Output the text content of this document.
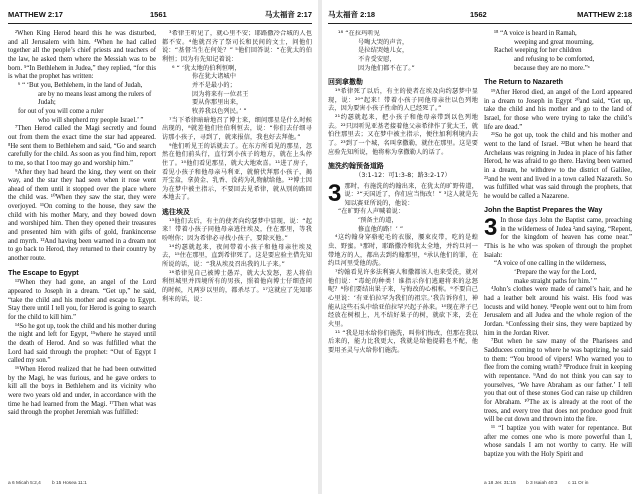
MATTHEW 2:17	1561	马太福音 2:17

²When King Herod heard this he was disturbed, and all Jerusalem with him. ⁴When he had called together all the people’s chief priests and teachers of the law, he asked them where the Messiah was to be born. ⁵“In Bethlehem in Judea,” they replied, “for this is what the prophet has written:

⁶ “ ‘But you, Bethlehem, in the land of Judah,
are by no means least among the rulers of Judah;
for out of you will come a ruler
who will shepherd my people Israel.’ ”

⁷Then Herod called the Magi secretly and found out from them the exact time the star had appeared. ⁸He sent them to Bethlehem and said, “Go and search carefully for the child. As soon as you find him, report to me, so that I too may go and worship him.”

⁹After they had heard the king, they went on their way, and the star they had seen when it rose went ahead of them until it stopped over the place where the child was. ¹⁰When they saw the star, they were overjoyed. ¹¹On coming to the house, they saw the child with his mother Mary, and they bowed down and worshiped him. Then they opened their treasures and presented him with gifts of gold, frankincense and myrrh. ¹²And having been warned in a dream not to go back to Herod, they returned to their country by another route.

The Escape to Egypt

¹³When they had gone, an angel of the Lord appeared to Joseph in a dream. “Get up,” he said, “take the child and his mother and escape to Egypt. Stay there until I tell you, for Herod is going to search for the child to kill him.”

¹⁴So he got up, took the child and his mother during the night and left for Egypt, ¹⁵where he stayed until the death of Herod. And so was fulfilled what the Lord had said through the prophet: “Out of Egypt I called my son.”

¹⁶When Herod realized that he had been outwitted by the Magi, he was furious, and he gave orders to kill all the boys in Bethlehem and its vicinity who were two years old and under, in accordance with the time he had learned from the Magi. ¹⁷Then what was said through the prophet Jeremiah was fulfilled:

³希律王听见了，就心里不安；耶路撒冷合城的人也都不安。⁴他就召齐了祭司长和民间的文士，问他们说：“基督当生在何处？” ⁵他们回答说：“在犹太的伯利恒；因为有先知记着说：

⁶ “ ‘犹太地的伯利恒啊，
你在犹大诸城中
并不是最小的；
因为将来有一位君王
要从你那里出来，
牧养我以色列民。’ ”

⁷当下希律暗暗地召了博士来，细问那星是什么时候出现的，⁸就差他们往伯利恒去，说：“你们去仔细寻访那小孩子，寻到了，就来报信，我也好去拜他。”

⁹他们听见王的话就去了。在东方所看见的那星，忽然在他们前头行，直行到小孩子的地方，就在上头停住了。¹⁰他们看见那星，就大大地欢喜。¹¹进了房子，看见小孩子和他母亲马利亚，就俯伏拜那小孩子，揭开宝盒，拿黄金、乳香、没药为礼物献给他。¹²博士因为在梦中被主指示，不要回去见希律，就从别的路回本地去了。

逃往埃及

¹³他们去后，有主的使者向约瑟梦中显现，说：“起来！带着小孩子同他母亲逃往埃及，住在那里，等我吩咐你；因为希律必寻找小孩子，要除灭他。”

¹⁴约瑟就起来，夜间带着小孩子和他母亲往埃及去，¹⁵住在那里，直到希律死了。这是要应验主借先知所说的话，说：“我从埃及召出我的儿子来。”

¹⁶希律见自己被博士愚弄，就大大发怒，差人将伯利恒城里并四境所有的男孩，照着他向博士仔细查问的时候，凡两岁以里的，都杀尽了。¹⁷这就应了先知耶利米的话，说：

a 6 Micah 5:2,4 b 15 Hosea 11:1
马太福音 2:18	1562	MATTHEW 2:18
¹⁸ “在拉玛听见
号啕大哭的声音，
是拉结哭她儿女，
不肯受安慰，
因为他们都不在了。”
回到拿撒勒

¹⁹希律死了以后，有主的使者在埃及向约瑟梦中显现，说：²⁰“起来！带着小孩子同他母亲往以色列地去，因为要害小孩子性命的人已经死了。”

²¹约瑟就起来，把小孩子和他母亲带到以色列地去。²²只因听见亚基老接着他父亲希律作了犹太王，就怕往那里去；又在梦中被主指示，便往加利利境内去了。²³到了一个城，名叫拿撒勒，就住在那里。这是要应验先知所说，他将称为拿撒勒人的话了。

施洗约翰预备道路
（3:1-12：可1:3-8；路3:2-17）

3 那时，有施洗的约翰出来，在犹太的旷野传道，说：²“天国近了，你们应当悔改！” ³这人就是先知以赛亚所说的，他说：

“在旷野有人声喊着说：
‘预备主的道，
修直他的路！’ ”

⁴这约翰身穿骆驼毛的衣服，腰束皮带，吃的是蝗虫、野蜜。⁵那时，耶路撒冷和犹太全地，并约旦河一带地方的人，都出去到约翰那里，⁶承认他们的罪，在约旦河里受他的洗。

⁷约翰看见许多法利赛人和撒都该人也来受洗，就对他们说：“毒蛇的种类！谁指示你们逃避将来的忿怒呢？⁸你们要结出果子来，与悔改的心相称。⁹不要自己心里说：‘有亚伯拉罕为我们的祖宗。’我告诉你们，神能从这些石头中给亚伯拉罕兴起子孙来。¹⁰现在斧子已经放在树根上，凡不结好果子的树，就砍下来，丢在火里。

¹¹ “我是用水给你们施洗，叫你们悔改，但那在我以后来的，能力比我更大，我就是给他提鞋也不配，他要用圣灵与火给你们施洗。

¹⁸ “A voice is heard in Ramah,
weeping and great mourning,
Rachel weeping for her children
and refusing to be comforted,
because they are no more.”ᵃ
The Return to Nazareth

¹⁹After Herod died, an angel of the Lord appeared in a dream to Joseph in Egypt ²⁰and said, “Get up, take the child and his mother and go to the land of Israel, for those who were trying to take the child’s life are dead.”

²¹So he got up, took the child and his mother and went to the land of Israel. ²²But when he heard that Archelaus was reigning in Judea in place of his father Herod, he was afraid to go there. Having been warned in a dream, he withdrew to the district of Galilee, ²³and he went and lived in a town called Nazareth. So was fulfilled what was said through the prophets, that he would be called a Nazarene.

John the Baptist Prepares the Way

3 In those days John the Baptist came, preaching in the wilderness of Judea ²and saying, “Repent, for the kingdom of heaven has come near.” ³This is he who was spoken of through the prophet Isaiah:

“A voice of one calling in the wilderness,
‘Prepare the way for the Lord,
make straight paths for him.’ ”

⁴John’s clothes were made of camel’s hair, and he had a leather belt around his waist. His food was locusts and wild honey. ⁵People went out to him from Jerusalem and all Judea and the whole region of the Jordan. ⁶Confessing their sins, they were baptized by him in the Jordan River.

⁷But when he saw many of the Pharisees and Sadducees coming to where he was baptizing, he said to them: “You brood of vipers! Who warned you to flee from the coming wrath? ⁸Produce fruit in keeping with repentance. ⁹And do not think you can say to yourselves, ‘We have Abraham as our father.’ I tell you that out of these stones God can raise up children for Abraham. ¹⁰The ax is already at the root of the trees, and every tree that does not produce good fruit will be cut down and thrown into the fire.

¹¹ “I baptize you with water for repentance. But after me comes one who is more powerful than I, whose sandals I am not worthy to carry. He will baptize you with the Holy Spirit and

a 18 Jer. 31:15 b 3 Isaiah 40:3 c 11 Or in
